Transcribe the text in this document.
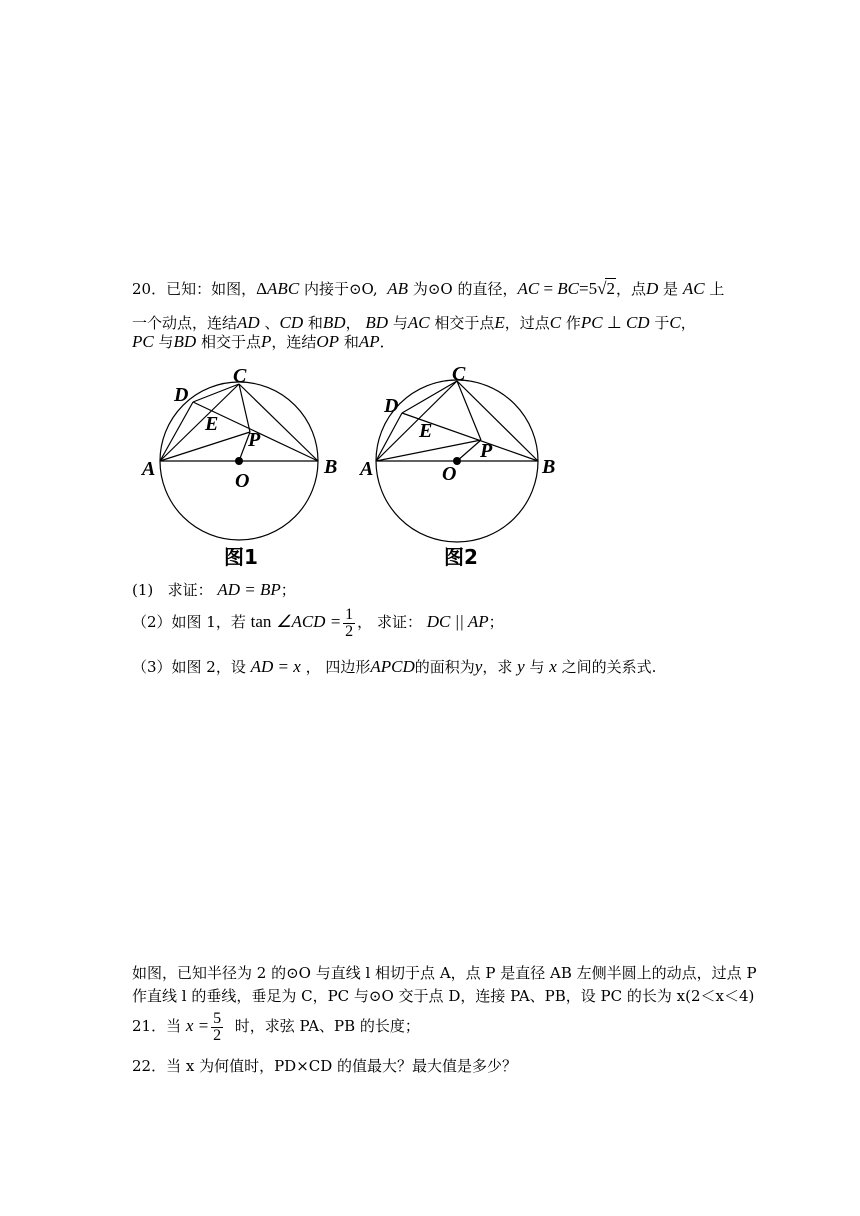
20．已知：如图，ΔABC 内接于⊙O, AB 为⊙O 的直径，AC = BC=5√2，点D 是 AC 上
一个动点，连结AD 、CD 和BD， BD 与AC 相交于点E，过点C 作PC ⊥ CD 于C，
PC 与BD 相交于点P，连结OP 和AP．
A	B
C
D
E
P
O
图1
A	B
C
D
E
P
O
图2
(1) 求证： AD = BP；
（2）如图 1，若 tan ∠ACD = $\frac{1}{2}$ ， 求证： DC || AP；
（3）如图 2，设 AD = x ， 四边形APCD的面积为y，求 y 与 x 之间的关系式.
如图，已知半径为 2 的⊙O 与直线 l 相切于点 A，点 P 是直径 AB 左侧半圆上的动点，过点 P
作直线 l 的垂线，垂足为 C，PC 与⊙O 交于点 D，连接 PA、PB，设 PC 的长为 x(2＜x＜4)
21．当 $x = \frac{5}{2}$ 时，求弦 PA、PB 的长度；
22．当 x 为何值时，PD×CD 的值最大？最大值是多少？
